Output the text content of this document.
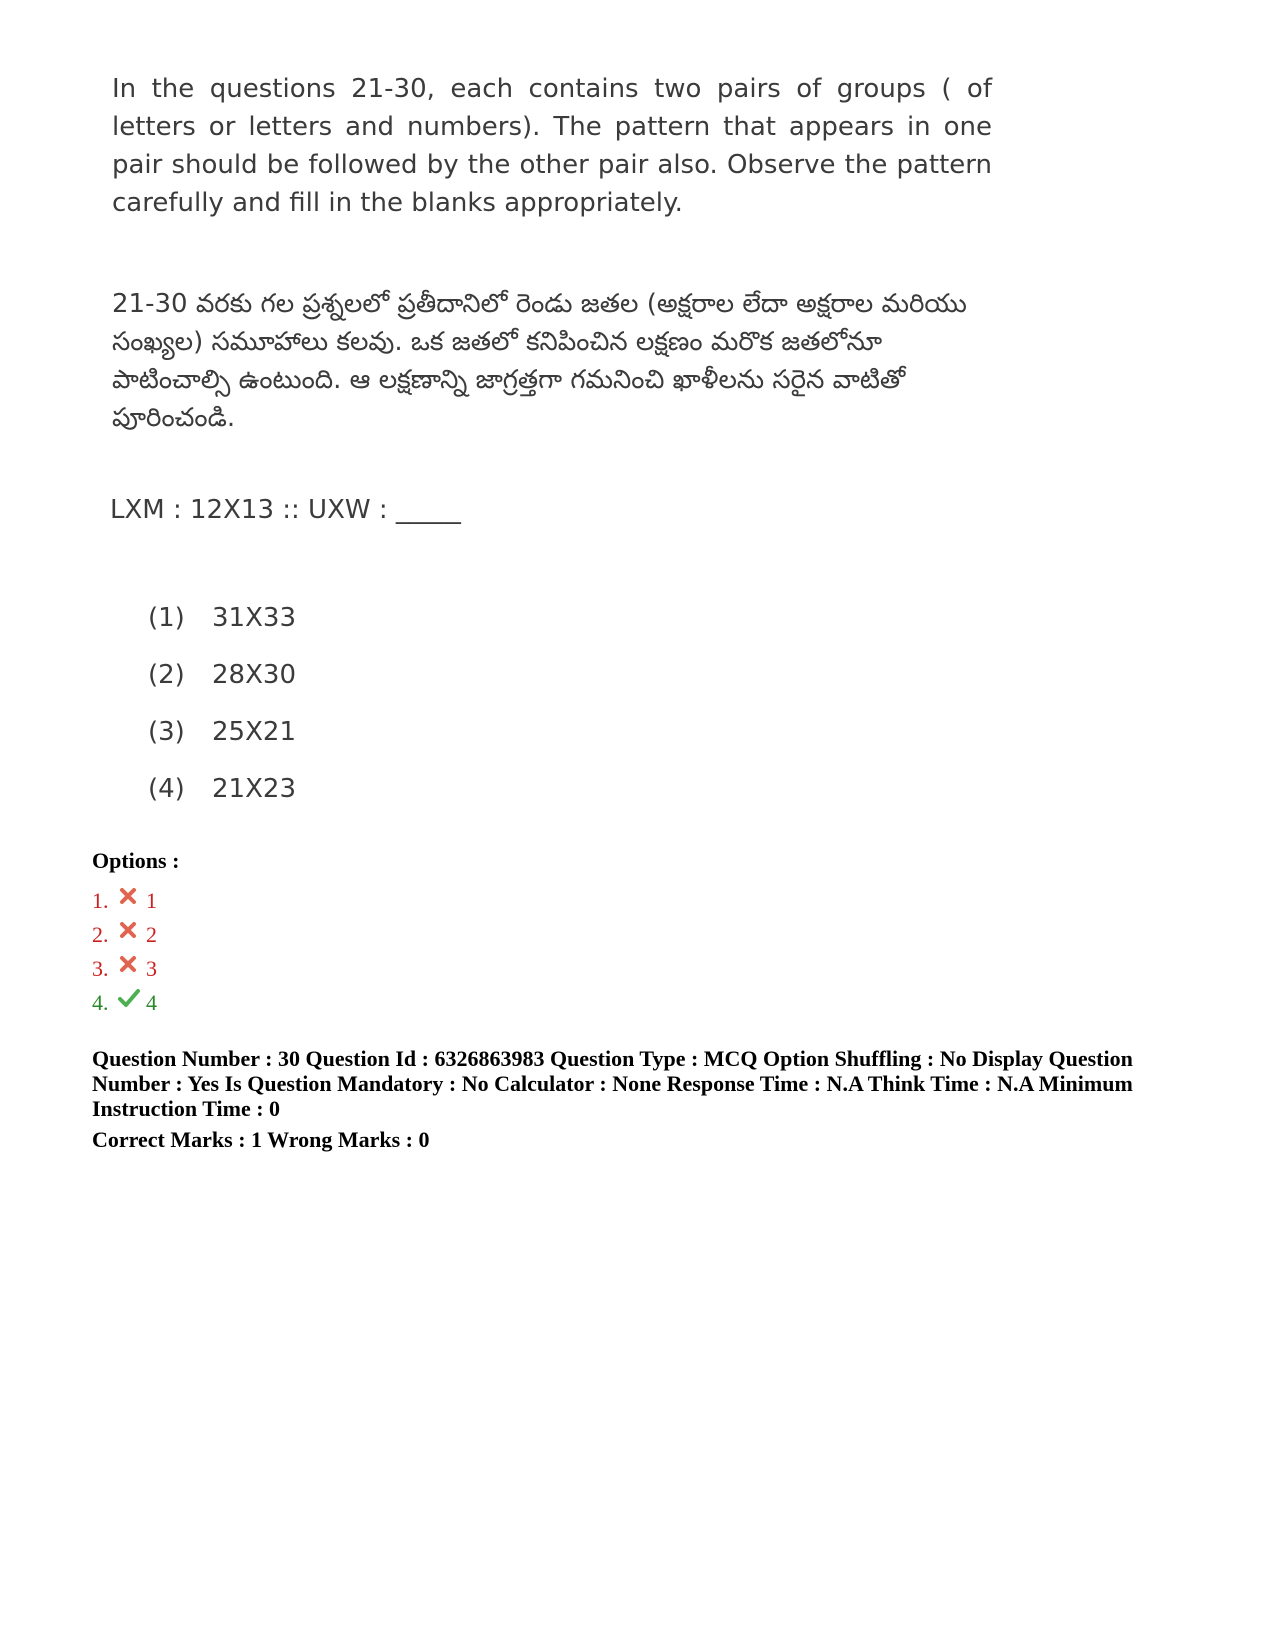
In the questions 21-30, each contains two pairs of groups ( of letters or letters and numbers). The pattern that appears in one pair should be followed by the other pair also. Observe the pattern carefully and fill in the blanks appropriately.

21-30 వరకు గల ప్రశ్నలలో ప్రతీదానిలో రెండు జతల (అక్షరాల లేదా అక్షరాల మరియు సంఖ్యల) సమూహాలు కలవు. ఒక జతలో కనిపించిన లక్షణం మరొక జతలోనూ పాటించాల్సి ఉంటుంది. ఆ లక్షణాన్ని జాగ్రత్తగా గమనించి ఖాళీలను సరైన వాటితో పూరించండి.

LXM : 12X13 :: UXW : _____

(1)	31X33
(2)	28X30
(3)	25X21
(4)	21X23

Options :

1.	1
2.	2
3.	3
4.	4

Question Number : 30 Question Id : 6326863983 Question Type : MCQ Option Shuffling : No Display Question Number : Yes Is Question Mandatory : No Calculator : None Response Time : N.A Think Time : N.A Minimum Instruction Time : 0

Correct Marks : 1 Wrong Marks : 0
